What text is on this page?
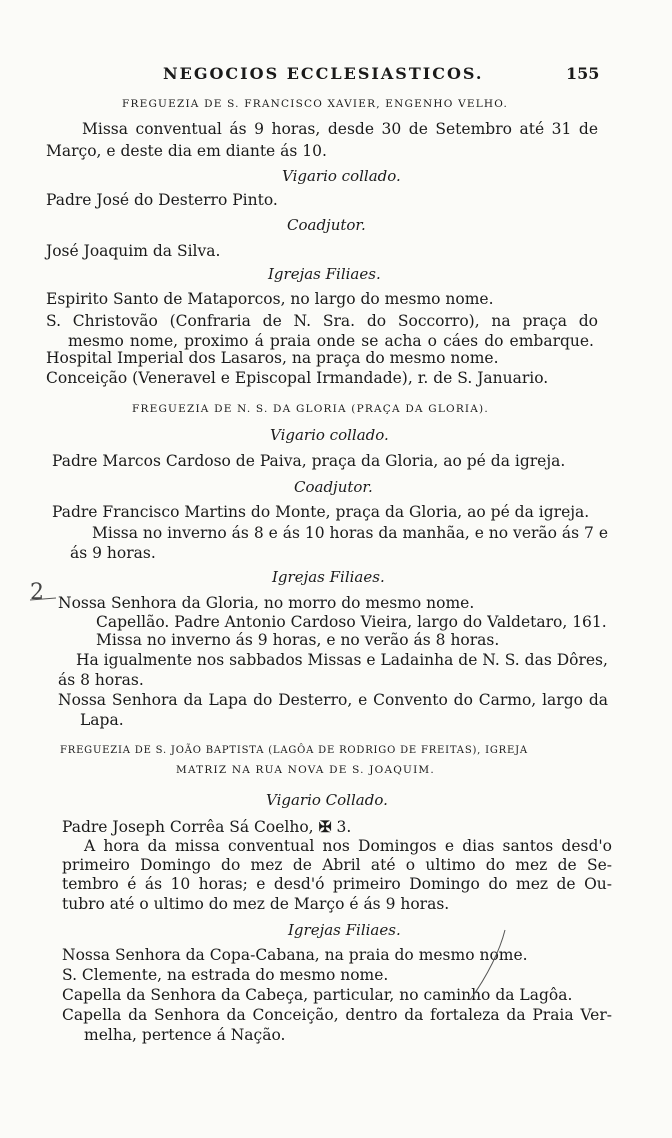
NEGOCIOS ECCLESIASTICOS.	155
FREGUEZIA DE S. FRANCISCO XAVIER, ENGENHO VELHO.
Missa conventual ás 9 horas, desde 30 de Setembro até 31 de
Março, e deste dia em diante ás 10.
Vigario collado.
Padre José do Desterro Pinto.
Coadjutor.
José Joaquim da Silva.
Igrejas Filiaes.
Espirito Santo de Mataporcos, no largo do mesmo nome.
S. Christovão (Confraria de N. Sra. do Soccorro), na praça do
mesmo nome, proximo á praia onde se acha o cáes do embarque.
Hospital Imperial dos Lasaros, na praça do mesmo nome.
Conceição (Veneravel e Episcopal Irmandade), r. de S. Januario.
FREGUEZIA DE N. S. DA GLORIA (PRAÇA DA GLORIA).
Vigario collado.
Padre Marcos Cardoso de Paiva, praça da Gloria, ao pé da igreja.
Coadjutor.
Padre Francisco Martins do Monte, praça da Gloria, ao pé da igreja.
Missa no inverno ás 8 e ás 10 horas da manhãa, e no verão ás 7 e
ás 9 horas.
Igrejas Filiaes.
Nossa Senhora da Gloria, no morro do mesmo nome.
Capellão. Padre Antonio Cardoso Vieira, largo do Valdetaro, 161.
Missa no inverno ás 9 horas, e no verão ás 8 horas.
Ha igualmente nos sabbados Missas e Ladainha de N. S. das Dôres,
ás 8 horas.
Nossa Senhora da Lapa do Desterro, e Convento do Carmo, largo da
Lapa.
FREGUEZIA DE S. JOÃO BAPTISTA (LAGÔA DE RODRIGO DE FREITAS), IGREJA
MATRIZ NA RUA NOVA DE S. JOAQUIM.
Vigario Collado.
Padre Joseph Corrêa Sá Coelho, ✠ 3.
A hora da missa conventual nos Domingos e dias santos desd'o
primeiro Domingo do mez de Abril até o ultimo do mez de Se-
tembro é ás 10 horas; e desd'ó primeiro Domingo do mez de Ou-
tubro até o ultimo do mez de Março é ás 9 horas.
Igrejas Filiaes.
Nossa Senhora da Copa-Cabana, na praia do mesmo nome.
S. Clemente, na estrada do mesmo nome.
Capella da Senhora da Cabeça, particular, no caminho da Lagôa.
Capella da Senhora da Conceição, dentro da fortaleza da Praia Ver-
melha, pertence á Nação.
2
